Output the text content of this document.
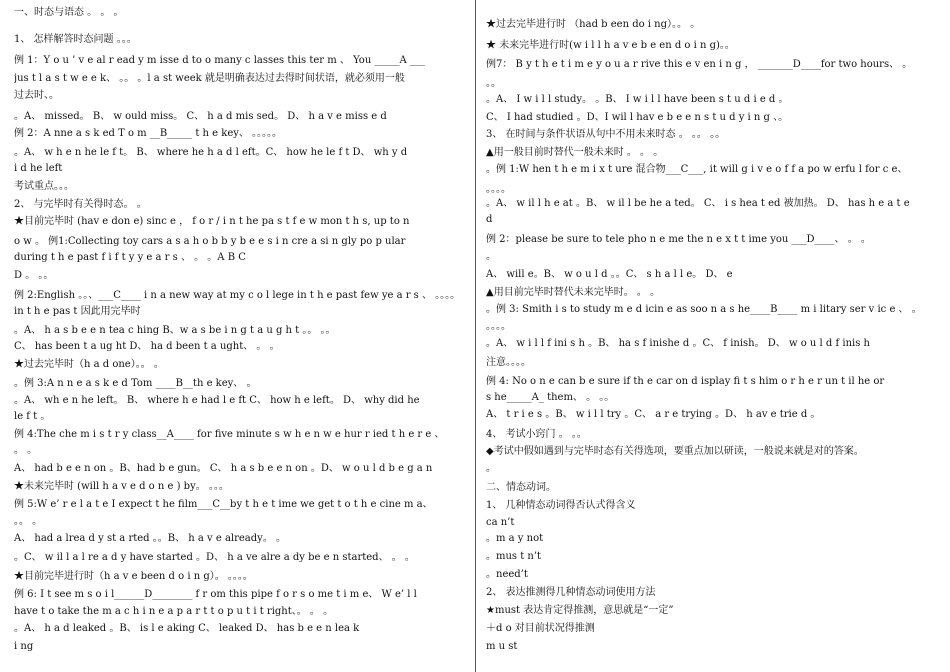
一、时态与语态 。 。 。
1、 怎样解答时态问题 。。。
例 1：Y o u ’ v e al r ead y m isse d to o many c lasses this ter m 、 You _____A ___
jus t l a s t w e e k、 。。 。l a st week 就是明确表达过去得时间状语，就必须用一般
过去时、。
。A、 missed。 B、 w ould miss。 C、 h a d mis sed。 D、 h a v e miss e d
例 2：A nne a s k ed T o m __B_____ t h e key、 。。。。。
。A、 w h e n he le f t。 B、 where he h a d l eft。C、 how he le f t D、 wh y d
i d he left
考试重点。。。
2、 与完毕时有关得时态。 。
★目前完毕时 (hav e don e) sinc e ， f o r / i n t he pa s t f e w mon t h s, up to n
o w 。 例1:Collecting toy cars a s a h o b b y b e e s i n cre a si n gly po p ular
during t h e past f i f t y y e a r s 、 。 。A B C
D 。 。。
例 2:English 。。、___C____ i n a new way at my c o l lege in t h e past few ye a r s 、 。。。。
in t h e pas t 因此用完毕时
。A、 h a s b e e n tea c hing B、w a s be i n g t a u g h t 。。 。。
C、 has been t a ug ht D、 ha d been t a ught、 。 。
★过去完毕时（h a d one）。。 。
。例 3:A n n e a s k e d Tom ____B__th e key、 。
。A、 wh e n he left。 B、 where h e had l e ft C、 how h e left。 D、 why did he
le f t 。
例 4:The che m i s t r y class__A____ for five minute s w h e n w e hur r ied t h e r e 、
。 。
A、 had b e e n on 。B、had b e gun。 C、 h a s b e e n on 。D、 w o u l d b e g a n
★未来完毕时 (will h a v e d o n e ) by。 。。。
例 5:W e’ r e l a t e I expect t he film___C__by t h e t ime we get t o t h e cine m a、
。。 。
A、 had a lrea d y st a rted 。。B、 h a v e already。 。
。C、 w il l a l re a d y have started 。D、 h a ve alre a dy be e n started、 。 。
★目前完毕进行时（h a v e been d o i n g）。 。。。。
例 6: I t see m s o i l______D________ f r om this pipe f o r s o me t i m e、 W e’ l l
have t o take the m a c h i n e a p a r t t o p u t i t right、。 。 。
。A、 h a d leaked 。B、 is l e aking C、 leaked D、 has b e e n lea k
i ng
★过去完毕进行时 （had b een do i ng）。。 。
★ 未来完毕进行时(w i l l h a v e b e en d o i n g)。。
例7： B y t h e t i m e y o u a r rive this e v en i n g ， _______D____for two hours、 。
。。
。A、 I w i l l study。 。B、 I w i l l have been s t u d i e d 。
C、 I had studied 。D、I wil l hav e b e e n s t u d y i n g 、。
3、 在时间与条件状语从句中不用未来时态 。 。。 。。
▲用一般目前时替代一般未来时 。 。 。
。例 1:W hen t h e m i x t ure 混合物___C___, it will g i v e o f f a po w erfu l for c e、
。。。。
。A、 w il l h e at 。B、 w il l be he a ted。 C、 i s hea t ed 被加热。 D、 has h e a t e
d
例 2：please be sure to tele pho n e me the n e x t t ime you ___D____、 。 。
。
A、 will e。B、 w o u l d 。。C、 s h a l l e。 D、 e
▲用目前完毕时替代未来完毕时。 。 。
。例 3: Smith i s to study m e d icin e as soo n a s he____B____ m i litary ser v ic e 、 。
。。。。
。A、 w i l l f ini s h 。B、 ha s f inishe d 。C、 f inish。 D、 w o u l d f inis h
注意。。。。
例 4: No o n e can b e sure if th e car on d isplay fi t s him o r h e r un t il he or
s he_____A_ them、 。 。。
A、 t r i e s 。B、 w i l l try 。C、 a r e trying 。D、 h av e trie d 。
4、 考试小窍门 。 。。
◆考试中假如遇到与完毕时态有关得选项，要重点加以研读，一般说来就是对的答案。
。
二、情态动词。
1、 几种情态动词得否认式得含义
ca n’t
。m a y not
。mus t n’t
。need’t
2、 表达推测得几种情态动词使用方法
★must 表达肯定得推测，意思就是“一定”
＋d o 对目前状况得推测
m u st
